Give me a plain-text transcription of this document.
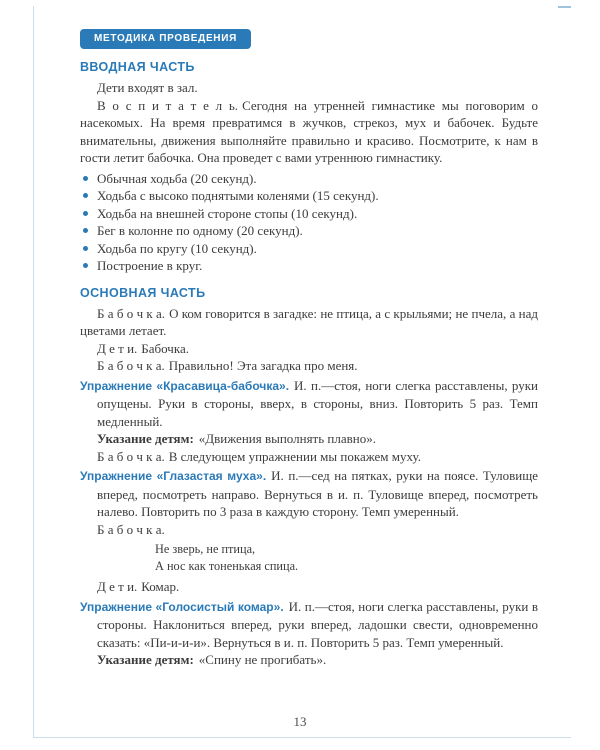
МЕТОДИКА ПРОВЕДЕНИЯ
ВВОДНАЯ ЧАСТЬ

Дети входят в зал.

В о с п и т а т е л ь. Сегодня на утренней гимнастике мы поговорим о насекомых. На время превратимся в жучков, стрекоз, мух и бабочек. Будьте внимательны, движения выполняйте правильно и красиво. Посмотрите, к нам в гости летит бабочка. Она проведет с вами утреннюю гимнастику.

Обычная ходьба (20 секунд).
Ходьба с высоко поднятыми коленями (15 секунд).
Ходьба на внешней стороне стопы (10 секунд).
Бег в колонне по одному (20 секунд).
Ходьба по кругу (10 секунд).
Построение в круг.
ОСНОВНАЯ ЧАСТЬ

Б а б о ч к а. О ком говорится в загадке: не птица, а с крыльями; не пчела, а над цветами летает.

Д е т и. Бабочка.

Б а б о ч к а. Правильно! Эта загадка про меня.

Упражнение «Красавица-бабочка». И. п.—стоя, ноги слегка расставлены, руки опущены. Руки в стороны, вверх, в стороны, вниз. Повторить 5 раз. Темп медленный.

Указание детям: «Движения выполнять плавно».

Б а б о ч к а. В следующем упражнении мы покажем муху.

Упражнение «Глазастая муха». И. п.—сед на пятках, руки на поясе. Туловище вперед, посмотреть направо. Вернуться в и. п. Туловище вперед, посмотреть налево. Повторить по 3 раза в каждую сторону. Темп умеренный.

Б а б о ч к а.

Не зверь, не птица,
А нос как тоненькая спица.

Д е т и. Комар.

Упражнение «Голосистый комар». И. п.—стоя, ноги слегка расставлены, руки в стороны. Наклониться вперед, руки вперед, ладошки свести, одновременно сказать: «Пи-и-и-и». Вернуться в и. п. Повторить 5 раз. Темп умеренный.

Указание детям: «Спину не прогибать».

13
